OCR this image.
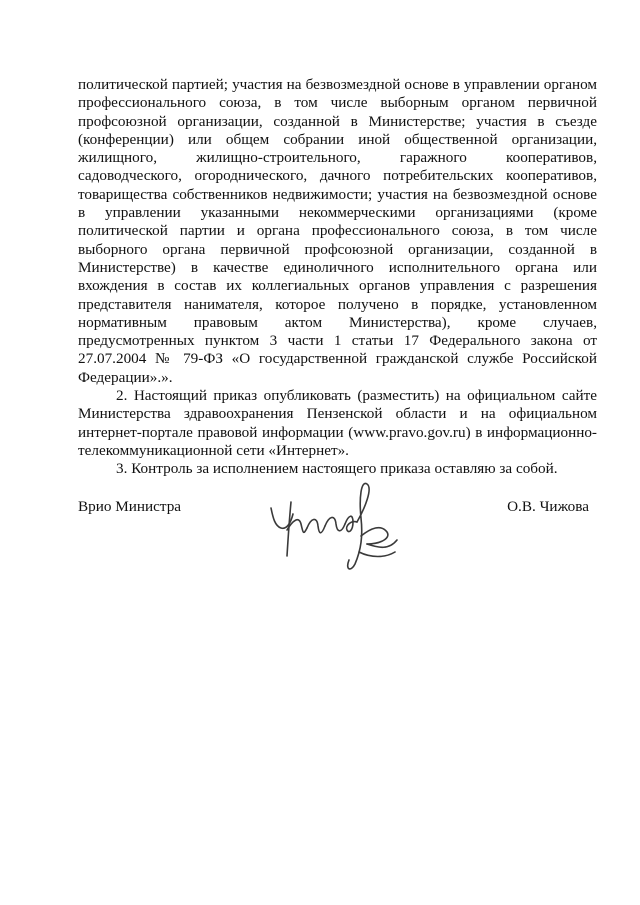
политической партией; участия на безвозмездной основе в управлении органом профессионального союза, в том числе выборным органом первичной профсоюзной организации, созданной в Министерстве; участия в съезде (конференции) или общем собрании иной общественной организации, жилищного, жилищно-строительного, гаражного кооперативов, садоводческого, огороднического, дачного потребительских кооперативов, товарищества собственников недвижимости; участия на безвозмездной основе в управлении указанными некоммерческими организациями (кроме политической партии и органа профессионального союза, в том числе выборного органа первичной профсоюзной организации, созданной в Министерстве) в качестве единоличного исполнительного органа или вхождения в состав их коллегиальных органов управления с разрешения представителя нанимателя, которое получено в порядке, установленном нормативным правовым актом Министерства), кроме случаев, предусмотренных пунктом 3 части 1 статьи 17 Федерального закона от 27.07.2004 № 79-ФЗ «О государственной гражданской службе Российской Федерации».».

2. Настоящий приказ опубликовать (разместить) на официальном сайте Министерства здравоохранения Пензенской области и на официальном интернет-портале правовой информации (www.pravo.gov.ru) в информационно-телекоммуникационной сети «Интернет».

3. Контроль за исполнением настоящего приказа оставляю за собой.

Врио Министра	О.В. Чижова
